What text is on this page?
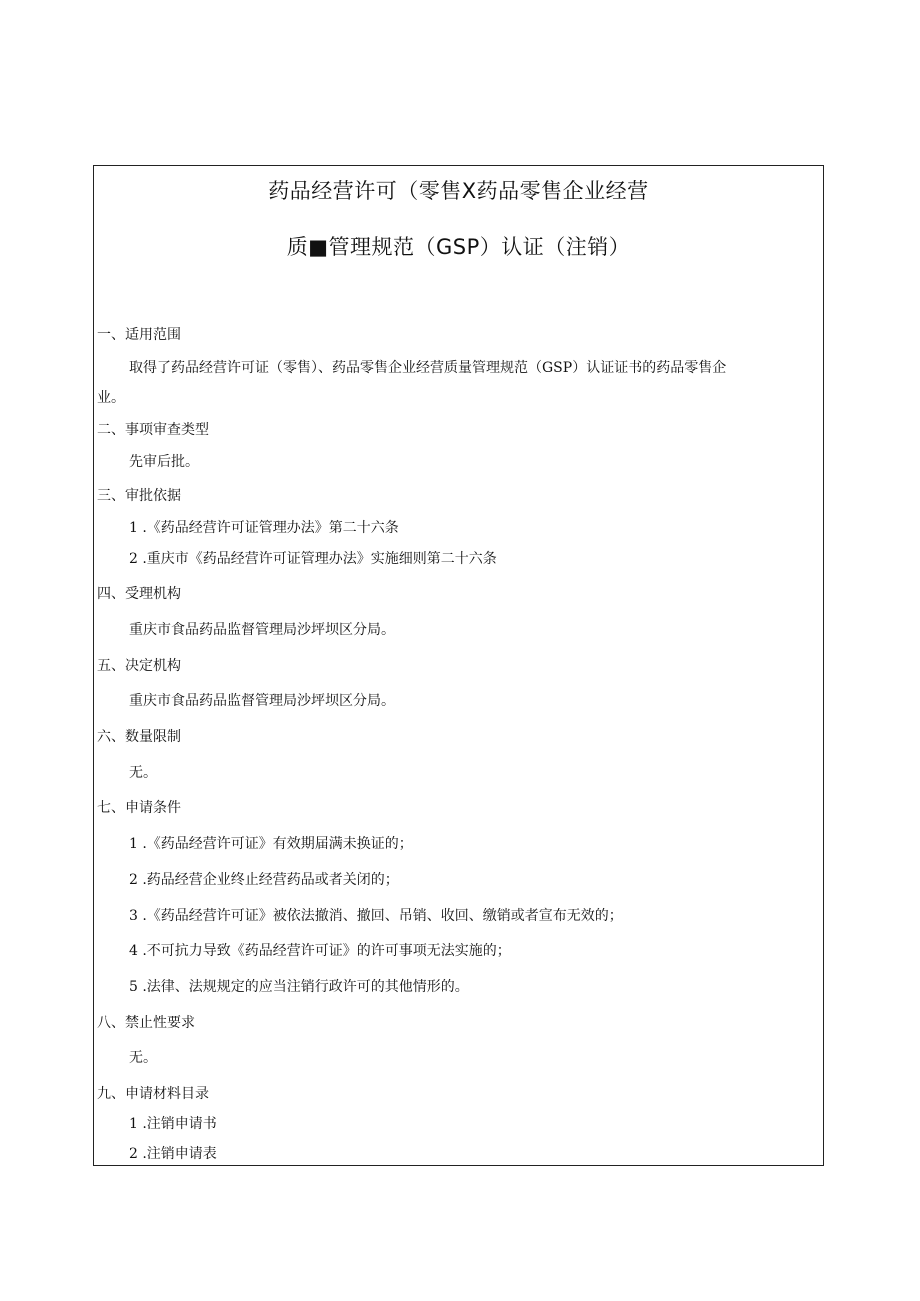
药品经营许可（零售X药品零售企业经营
质■管理规范（GSP）认证（注销）
一、适用范围
取得了药品经营许可证（零售）、药品零售企业经营质量管理规范（GSP）认证证书的药品零售企
业。
二、事项审查类型
先审后批。
三、审批依据
1 .《药品经营许可证管理办法》第二十六条
2 .重庆市《药品经营许可证管理办法》实施细则第二十六条
四、受理机构
重庆市食品药品监督管理局沙坪坝区分局。
五、决定机构
重庆市食品药品监督管理局沙坪坝区分局。
六、数量限制
无。
七、申请条件
1 .《药品经营许可证》有效期届满未换证的；
2 .药品经营企业终止经营药品或者关闭的；
3 .《药品经营许可证》被依法撤消、撤回、吊销、收回、缴销或者宣布无效的；
4 .不可抗力导致《药品经营许可证》的许可事项无法实施的；
5 .法律、法规规定的应当注销行政许可的其他情形的。
八、禁止性要求
无。
九、申请材料目录
1 .注销申请书
2 .注销申请表
